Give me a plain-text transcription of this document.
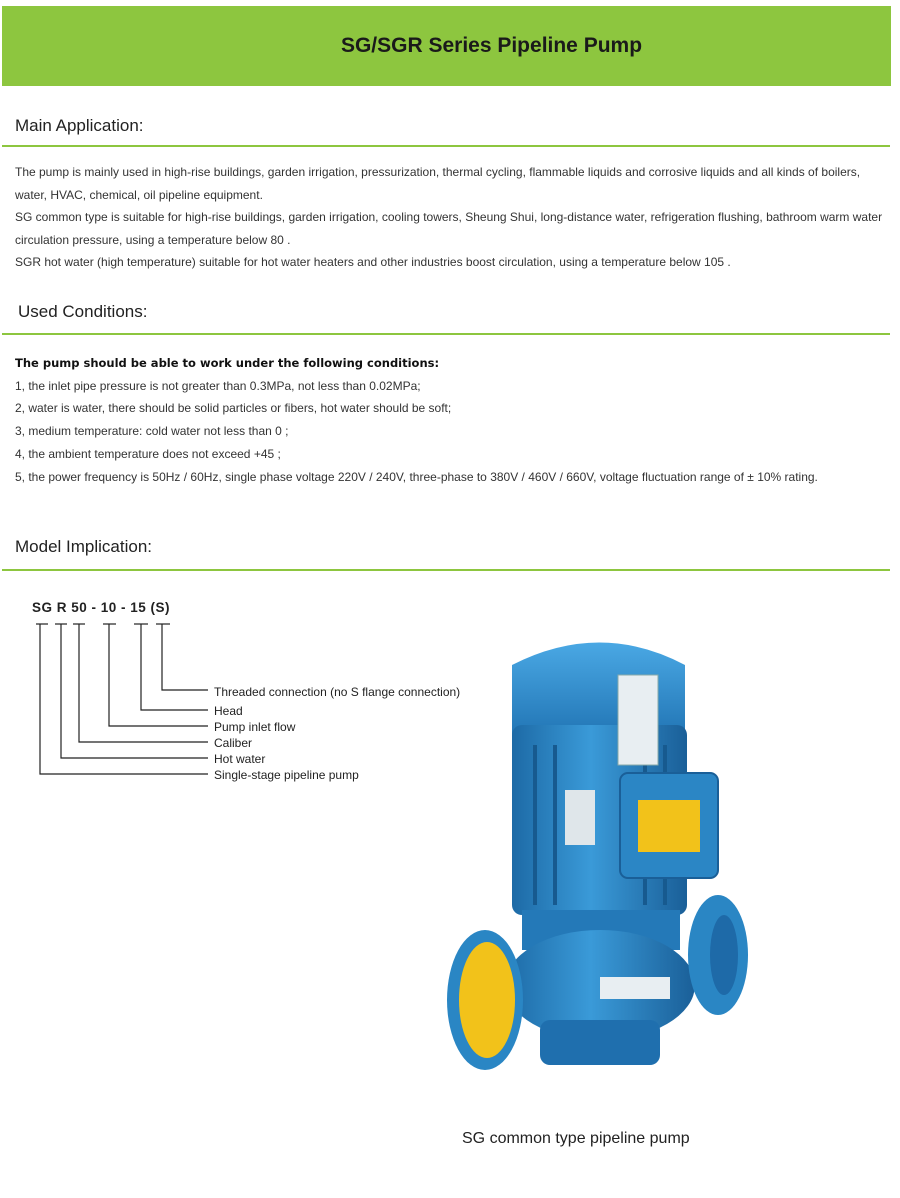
SG/SGR Series Pipeline Pump
Main Application:

The pump is mainly used in high-rise buildings, garden irrigation, pressurization, thermal cycling, flammable liquids and corrosive liquids and all kinds of boilers, water, HVAC, chemical, oil pipeline equipment.

SG common type is suitable for high-rise buildings, garden irrigation, cooling towers, Sheung Shui, long-distance water, refrigeration flushing, bathroom warm water circulation pressure, using a temperature below 80 .

SGR hot water (high temperature) suitable for hot water heaters and other industries boost circulation, using a temperature below 105 .

Used Conditions:

The pump should be able to work under the following conditions:

1, the inlet pipe pressure is not greater than 0.3MPa, not less than 0.02MPa;

2, water is water, there should be solid particles or fibers, hot water should be soft;

3, medium temperature: cold water not less than 0 ;

4, the ambient temperature does not exceed +45 ;

5, the power frequency is 50Hz / 60Hz, single phase voltage 220V / 240V, three-phase to 380V / 460V / 660V, voltage fluctuation range of ± 10% rating.

Model Implication:
SG R 50 - 10 - 15 (S)
Threaded connection (no S flange connection)
Head
Pump inlet flow
Caliber
Hot water
Single-stage pipeline pump
SG common type pipeline pump
